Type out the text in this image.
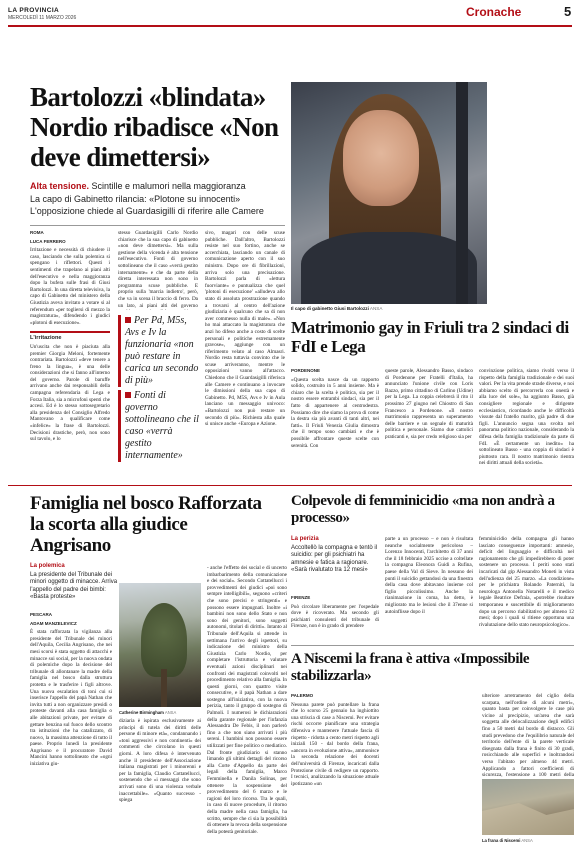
LA PROVINCIA
MERCOLEDÌ 11 MARZO 2026	Cronache	5
Bartolozzi «blindata» Nordio ribadisce «Non deve dimettersi»
Alta tensione. Scintille e malumori nella maggioranza
La capo di Gabinetto rilancia: «Plotone su innocenti»
L'opposizione chiede al Guardasigilli di riferire alle Camere
Il capo di gabinetto Giusi Bartolozzi ANSA
ROMA
LUCA FERRERO

Irritazione e necessità di chiudere il caso, lasciando che sulla polemica si spengano i riflettori. Questi i sentimenti che trapelano ai piani alti dell'esecutivo e nella maggioranza dopo la bufera sulle frasi di Giusi Bartolozzi. In una diretta televisiva, la capo di Gabinetto del ministero della Giustizia aveva invitato a votare sì al referendum «per togliersi di mezzo la magistratura», difendendo i giudici «plotoni di esecuzione».

L'irritazione

Un'uscita che non è piaciuta alla premier Giorgia Meloni, fortemente contrariata. Bartolozzi «deve tenere a freno la lingua», è una delle considerazioni che si fanno all'interno del governo. Parole di baruffe arrivano anche dai responsabili della campagna referendaria di Lega e Forza Italia, sia a microfoni spenti che accesi. Ed è lo stesso sottosegretario alla presidenza del Consiglio Alfredo Mantovano a qualificare come «infelice» la frase di Bartolozzi. Decisioni drastiche, però, non sono sul tavolo, e lo

stesso Guardasigilli Carlo Nordio chiarisce che la sua capo di gabinetto «non deve dimettersi». Ma sulla gestione della vicenda è alta tensione nell'esecutivo. Fonti di governo sottolineano che il caso «verrà gestito internamente» e che da parte della diretta interessata non sono in programma scuse pubbliche. E proprio sulla 'marcia indietro', però, che va in scena il braccio di ferro. Da un lato, ai piani alti del governo

Per Pd, M5s, Avs e Iv la funzionaria «non può restare in carica un secondo di più»
Fonti di governo sottolineano che il caso «verrà gestito internamente»

sivo, magari con delle scuse pubbliche. Dall'altro, Bartolozzi resiste nel suo fortino, anche se accerchiata, lasciando un canale di comunicazione aperto con il suo ministro. Dopo ore di fibrillazioni, arriva solo una precisazione. Bartolozzi parla di «lettura fuorviante» e puntualizza che quel 'plotoni di esecuzione' «alludeva allo stato di assoluta prostrazione quando a trovarsi al centro dell'azione giudiziaria è qualcuno che sa di non aver commesso nulla di male». «Non ho mai attaccato la magistratura che anzi ho difeso anche a costo di scelte personali e politiche estremamente gravose», aggiunge con un riferimento velato al caso Almasri. Nordio resta tuttavia convinto che le scuse arriveranno, mentre le opposizioni vanno all'attacco. Chiedono che il Guardasigilli riferisca alle Camere e continuano a invocare le dimissioni della sua capo di Gabinetto. Pd, M5S, Avs e Iv in Aula lanciano un messaggio univoco: «Bartolozzi non può restare un secondo di più». Richiesta alla quale si unisce anche +Europa e Azione.

Matrimonio gay in Friuli tra 2 sindaci di FdI e Lega
PORDENONE

«Questa scelta nasce da un rapporto solido, costruito in 5 anni insieme. Ma è chiaro che la scelta è politica, sia per il nostro essere entrambi sindaci, sia per il fatto di appartenere al centrodestra. Possiamo dire che siamo la prova di come la destra sia più avanti di tanti altri, nei fatti». Il Friuli Venezia Giulia dimostra che il tempo sono cambiati e che è possibile affrontare queste scelte con serenità. Con

queste parole, Alessandro Basso, sindaco di Pordenone per Fratelli d'Italia, ha annunciato l'unione civile con Loris Bazzo, primo cittadino di Carlino (Udine) per la Lega. La coppia celebrerà il rito il prossimo 27 giugno nel Chiostro di San Francesco a Pordenone. «Il nostro matrimonio rappresenta un superamento delle barriere e un segnale di maturità politica e personale. Siamo due cattolici praticanti e, sia per credo religioso sia per

convinzione politica, siamo rivolti verso il rispetto della famiglia tradizionale e dei suoi valori. Per la vita prende strade diverse, e noi abbiamo scelto di percorrerla con onestà e alla luce del sole», ha aggiunto Basso, già consigliere regionale e dirigente ecclesiastico, ricordando anche le difficoltà vissute dal fratello marito, già padre di due figli. L'annuncio segna una svolta nel panorama politico nazionale, considerando la difesa della famiglia tradizionale da parte di FdI. «È certamente un inedito» ha sottolineato Basso - una coppia di sindaci è piuttosto rara. Il nostro matrimonio rientra nei diritti attuali della società».

Famiglia nel bosco Rafforzata la scorta alla giudice Angrisano
La polemica
La presidente del Tribunale dei minori oggetto di minacce. Arriva l'appello del padre dei bimbi: «Basta proteste»
PESCARA
ADAM MANZELEVICZ

È stata rafforzata la vigilanza alla presidente del Tribunale dei minori dell'Aquila, Cecilia Angrisano, che nei mesi scorsi è stata oggetto di attacchi e minacce sui social, per la nuova ondata di polemiche dopo la decisione del tribunale di allontanare la madre della famiglia nel bosco dalla struttura protetta e le trasferire i figli altrove. Una nuova escalation di toni cui si inserisce l'appello del papà Nathan che invita tutti a non organizzare presidi o proteste davanti alla casa famiglia o alle abitazioni private, per evitare di gettare benzina sul fuoco dello scontro tra istituzioni che ha catalizzato, di nuovo, la massima attenzione di tutto il paese. Proprio lunedì la presidente Angrisano e il procuratore David Mancini hanno sottolineato che «ogni iniziativa giu-

Catherine Birmingham ANSA

diziaria è ispirata esclusivamente ai principi di tutela dei diritti delle persone di minore età», condannando i «toni aggressivi e non continenti» dei commenti che circolano in questi giorni. A loro difesa è intervenuto anche il presidente dell'Associazione italiana magistrati per i minorenni e per la famiglia, Claudio Cottatellucci, sostenendo che «i messaggi che sono arrivati sono di una violenza verbale inaccettabile». «Quanto successo - spiega

- anche l'effetto dei social e di uncerto imbarbarimento della comunicazione e dei social». Secondo Cottatellucci i provvedimenti dei giudici «poi sono sempre intelligibili», seguono «criteri che sono precisi e stringenti» e possono essere impugnati. Inoltre «i bambini non sono dello Stato e non sono dei genitori, sono soggetti autonomi, titolari di diritti». Intanto al Tribunale dell'Aquila si attende in settimana l'arrivo degli ispettori, su indicazione del ministro della Giustizia Carlo Nordio, per completare l'istruttoria e valutare eventuali azioni disciplinari nei confronti dei magistrati coinvolti nel procedimento relativo alla famiglia. In questi giorni, con quattro visite consecutive, e il papà Nathan a dare sostegno all'iniziativa, con la nuova perizia, tanto il gruppo di sostegno di Palmoli. I numerosi le dichiarazioni della garante regionale per l'infanzia Alessandra De Febis, il non parlerò fino a che non siano arrivati i più sereni. I bambini non possono essere utilizzati per fine politico o mediatico. Dal fronte giudiziario si stanno limando gli ultimi dettagli del ricorso alla Corte d'Appello da parte dei legali della famiglia, Marco Femminella e Danila Solinas, per ottenere la sospensione del provvedimento del 6 marzo e le ragioni del loro ricorso. Tra le quali, in caso di nuove procedure, il ritorno della madre nella casa famiglia, ha scritto, sempre che ci sia la possibilità di ottenere la revoca della sospensione della potestà genitoriale.

Colpevole di femminicidio «ma non andrà a processo»
La perizia
Accoltellò la compagna e tentò il suicidio: per gli psichiatri ha amnesie e fatica a ragionare. «Sarà rivalutato tra 12 mesi»
FIRENZE

Può circolare liberamente per l'ospedale dove è ricoverato. Ma secondo gli psichiatri consulenti del tribunale di Firenze, non è in grado di prendere

parte a un processo – e non è risultata neanche socialmente pericoloso – Lorenzo Innocenti, l'architetto di 37 anni che il 18 febbraio 2025 uccise a coltellate la compagna Eleonora Guidi a Rufina, paese della Val di Sieve. In nessuno dei punti il suicidio gettandosi da una finestra della casa dove abitavano insieme col figlio piccolissimo. Anche la rianimazione in coma, ha detto, è migliorato ma le lesioni che il 37enne si autoinflisse dopo il

femminicidio della compagna gli hanno lasciato conseguenze importanti: amnesie, deficit del linguaggio e difficoltà nel ragionamento che gli impedirebbero di poter sostenere un processo. I periti sono stati incaricati dal gip Alessandro Moneti in vista dell'udienza del 25 marzo. «La condizione» per le prichiatra Rolando Paterniti, la neurologa Antonella Notarelli e il medico legale Beatrice Defraia, «potrebbe risultare temporanea e suscettibile di miglioramento dopo un percorso riabilitativo per almeno 12 mesi; dopo i quali si ritiene opportuna una rivalutazione dello stato neuropsicologico».

A Niscemi la frana è attiva «Impossibile stabilizzarla»
PALERMO

Nessuna parete può puntellare la frana che lo scorso 25 gennaio ha inghiottito una striscia di case a Niscemi. Per evitare rischi occorre pianificare una strategia difensiva e mantenere l'attuale fascia di rispetto - ridotta a cento metri rispetto agli iniziali 150 - dal bordo della frana, «ancora in evoluzione attiva», ammonisce la seconda relazione dei docenti dell'università di Firenze, incaricati dalla Protezione civile di redigere un rapporto. I tecnici, analizzando la situazione attuale ipotizzano «un

ulteriore arretramento del ciglio della scarpata, nell'ordine di alcuni metri», quanto basta per coinvolgere le case più vicine al precipizio, un'area che sarà soggetta alle delocalizzazione degli edifici fino a 50 metri dal bordo di distacco. Gli studi prevedono che l'equilibrio naturale del territorio dell'ente di la parete verticale disegnata dalla frana è finito di 30 gradi, rosicchiando alle superfici e inoltrandosi verso l'abitato per almeno 44 metri. Applicando a fattori coefficienti di sicurezza, l'estensione a 100 metri della

La frana di Niscemi ANSA
